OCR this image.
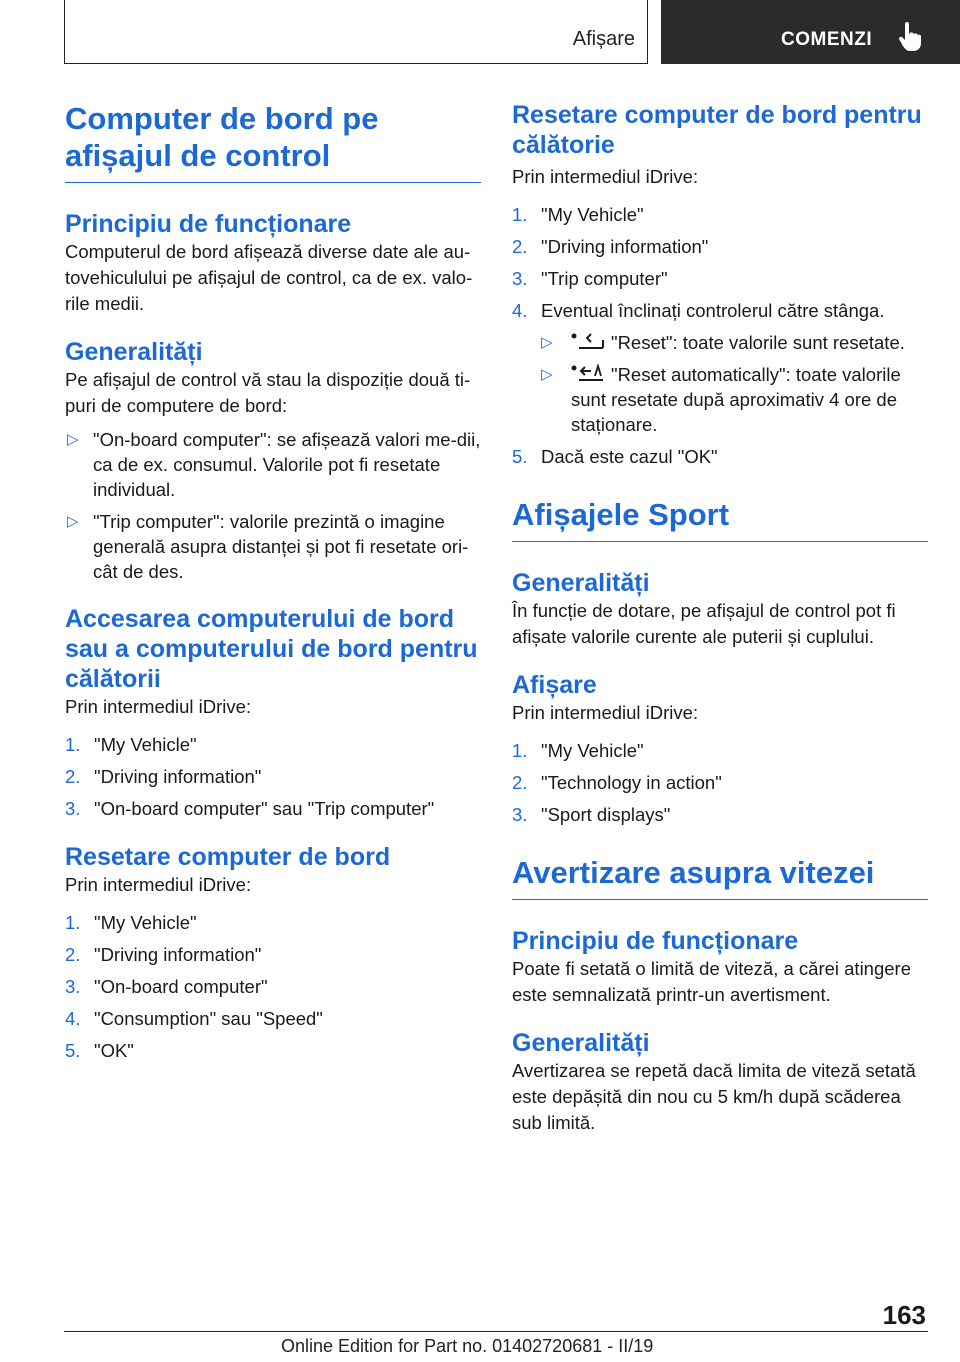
Afișare	COMENZI
Computer de bord pe afișajul de control
Principiu de funcționare

Computerul de bord afișează diverse date ale au-tovehiculului pe afișajul de control, ca de ex. valo-rile medii.

Generalități

Pe afișajul de control vă stau la dispoziție două ti-puri de computere de bord:

▷ "On-board computer": se afișează valori me-dii, ca de ex. consumul. Valorile pot fi resetate individual.
▷ "Trip computer": valorile prezintă o imagine generală asupra distanței și pot fi resetate ori-cât de des.
Accesarea computerului de bord sau a computerului de bord pentru călătorii

Prin intermediul iDrive:

1. "My Vehicle"
2. "Driving information"
3. "On-board computer" sau "Trip computer"
Resetare computer de bord

Prin intermediul iDrive:

1. "My Vehicle"
2. "Driving information"
3. "On-board computer"
4. "Consumption" sau "Speed"
5. "OK"
Resetare computer de bord pentru călătorie

Prin intermediul iDrive:

1. "My Vehicle"
2. "Driving information"
3. "Trip computer"
4. Eventual înclinați controlerul către stânga.
▷	"Reset": toate valorile sunt resetate.
▷	"Reset automatically": toate valorile sunt resetate după aproximativ 4 ore de staționare.
5. Dacă este cazul "OK"
Afișajele Sport
Generalități

În funcție de dotare, pe afișajul de control pot fi afișate valorile curente ale puterii și cuplului.

Afișare

Prin intermediul iDrive:

1. "My Vehicle"
2. "Technology in action"
3. "Sport displays"
Avertizare asupra vitezei
Principiu de funcționare

Poate fi setată o limită de viteză, a cărei atingere este semnalizată printr-un avertisment.

Generalități

Avertizarea se repetă dacă limita de viteză setată este depășită din nou cu 5 km/h după scăderea sub limită.

163
Online Edition for Part no. 01402720681 - II/19
